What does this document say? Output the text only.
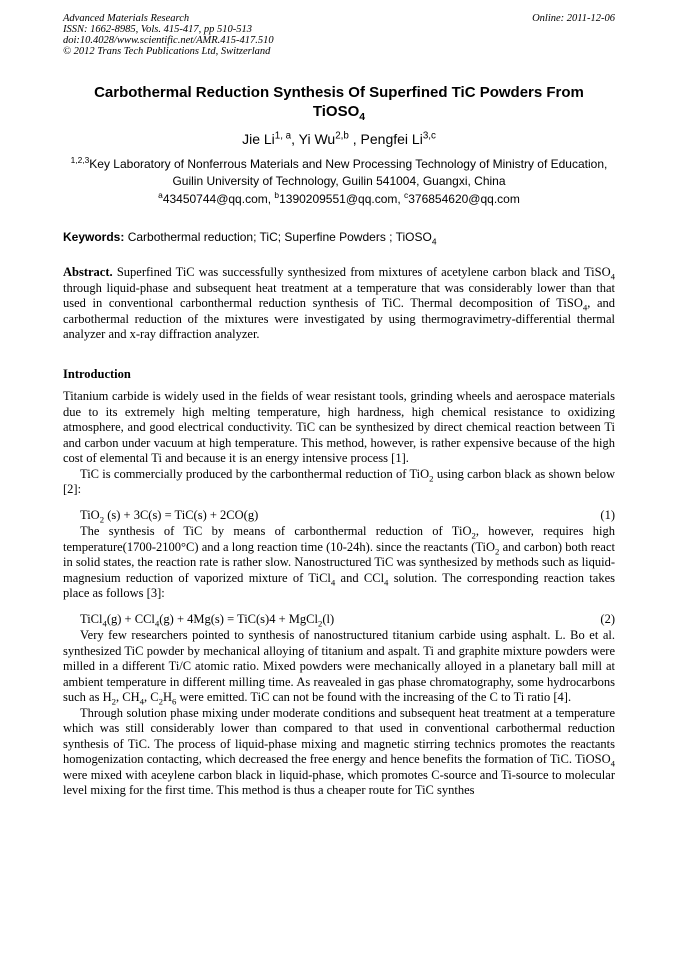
Advanced Materials Research
ISSN: 1662-8985, Vols. 415-417, pp 510-513
doi:10.4028/www.scientific.net/AMR.415-417.510
© 2012 Trans Tech Publications Ltd, Switzerland
Online: 2011-12-06
Carbothermal Reduction Synthesis Of Superfined TiC Powders From
TiOSO$_4$
Jie Li$^{1, a}$, Yi Wu$^{2,b}$ , Pengfei Li$^{3,c}$
$^{1,2,3}$Key Laboratory of Nonferrous Materials and New Processing Technology of Ministry of Education,
Guilin University of Technology, Guilin 541004, Guangxi, China
$^a$43450744@qq.com, $^b$1390209551@qq.com, $^c$376854620@qq.com
Keywords: Carbothermal reduction; TiC; Superfine Powders ; TiOSO$_4$

Abstract. Superfined TiC was successfully synthesized from mixtures of acetylene carbon black and TiSO$_4$ through liquid-phase and subsequent heat treatment at a temperature that was considerably lower than that used in conventional carbonthermal reduction synthesis of TiC. Thermal decomposition of TiSO$_4$, and carbothermal reduction of the mixtures were investigated by using thermogravimetry-differential thermal analyzer and x-ray diffraction analyzer.

Introduction

Titanium carbide is widely used in the fields of wear resistant tools, grinding wheels and aerospace materials due to its extremely high melting temperature, high hardness, high chemical resistance to oxidizing atmosphere, and good electrical conductivity. TiC can be synthesized by direct chemical reaction between Ti and carbon under vacuum at high temperature. This method, however, is rather expensive because of the high cost of elemental Ti and because it is an energy intensive process [1].

TiC is commercially produced by the carbonthermal reduction of TiO$_2$ using carbon black as shown below [2]:

TiO$_2$ (s) + 3C(s) = TiC(s) + 2CO(g)	(1)

The synthesis of TiC by means of carbonthermal reduction of TiO$_2$, however, requires high temperature(1700-2100°C) and a long reaction time (10-24h). since the reactants (TiO$_2$ and carbon) both react in solid states, the reaction rate is rather slow. Nanostructured TiC was synthesized by methods such as liquid-magnesium reduction of vaporized mixture of TiCl$_4$ and CCl$_4$ solution. The corresponding reaction takes place as follows [3]:

TiCl$_4$(g) + CCl$_4$(g) + 4Mg(s) = TiC(s)4 + MgCl$_2$(l)	(2)

Very few researchers pointed to synthesis of nanostructured titanium carbide using asphalt. L. Bo et al. synthesized TiC powder by mechanical alloying of titanium and aspalt. Ti and graphite mixture powders were milled in a different Ti/C atomic ratio. Mixed powders were mechanically alloyed in a planetary ball mill at ambient temperature in different milling time. As reavealed in gas phase chromatography, some hydrocarbons such as $H_2$, $CH_4$, $C_2H_6$ were emitted. TiC can not be found with the increasing of the C to Ti ratio [4].

Through solution phase mixing under moderate conditions and subsequent heat treatment at a temperature which was still considerably lower than compared to that used in conventional carbothermal reduction synthesis of TiC. The process of liquid-phase mixing and magnetic stirring technics promotes the reactants homogenization contacting, which decreased the free energy and hence benefits the formation of TiC. TiOSO$_4$ were mixed with aceylene carbon black in liquid-phase, which promotes C-source and Ti-source to molecular level mixing for the first time. This method is thus a cheaper route for TiC synthes
